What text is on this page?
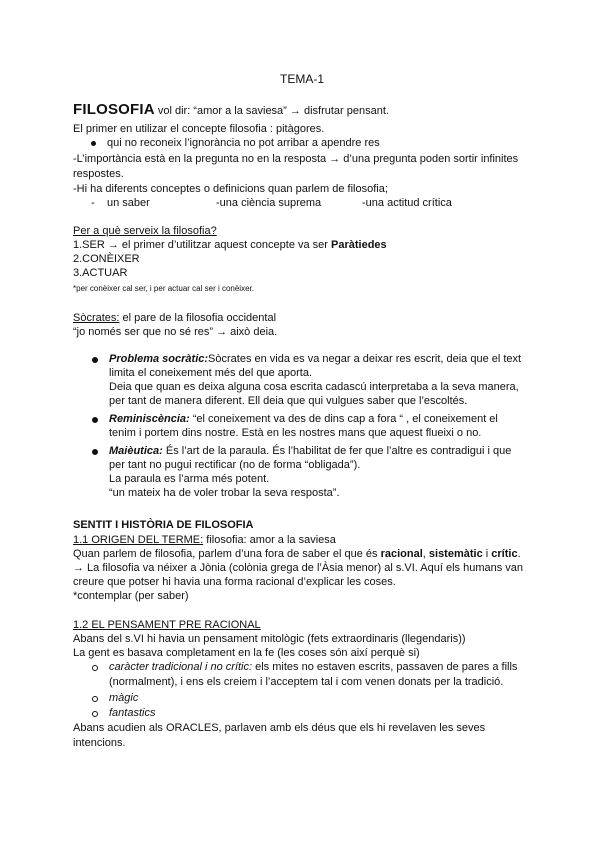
TEMA-1
FILOSOFIA vol dir: “amor a la saviesa” → disfrutar pensant.
El primer en utilizar el concepte filosofia : pitàgores.
qui no reconeix l’ignorància no pot arribar a apendre res
-L’importància està en la pregunta no en la resposta → d’una pregunta poden sortir infinites
respostes.
-Hi ha diferents conceptes o definicions quan parlem de filosofia;
- un saber	-una ciència suprema	-una actitud crítica
Per a què serveix la filosofia?
1.SER → el primer d’utilitzar aquest concepte va ser Paràtiedes
2.CONÈIXER
3.ACTUAR
*per conèixer cal ser, i per actuar cal ser i conèixer.
Sòcrates: el pare de la filosofia occidental
“jo només ser que no sé res” → això deia.
Problema socràtic:Sòcrates en vida es va negar a deixar res escrit, deia que el text
limita el coneixement més del que aporta.
Deia que quan es deixa alguna cosa escrita cadascú interpretaba a la seva manera,
per tant de manera diferent. Ell deia que qui vulgues saber que l’escoltés.
Reminiscència: “el coneixement va des de dins cap a fora “ , el coneixement el
tenim i portem dins nostre. Està en les nostres mans que aquest flueixi o no.
Maièutica: És l’art de la paraula. És l’habilitat de fer que l’altre es contradigui i que
per tant no pugui rectificar (no de forma “obligada”).
La paraula es l’arma més potent.
“un mateix ha de voler trobar la seva resposta”.
SENTIT I HISTÒRIA DE FILOSOFIA
1.1 ORIGEN DEL TERME: filosofia: amor a la saviesa
Quan parlem de filosofia, parlem d’una fora de saber el que és racional, sistemàtic i crític.
→ La filosofia va néixer a Jònia (colònia grega de l’Àsia menor) al s.VI. Aquí els humans van
creure que potser hi havia una forma racional d’explicar les coses.
*contemplar (per saber)
1.2 EL PENSAMENT PRE RACIONAL
Abans del s.VI hi havia un pensament mitològic (fets extraordinaris (llegendaris))
La gent es basava completament en la fe (les coses són així perquè si)
caràcter tradicional i no crític: els mites no estaven escrits, passaven de pares a fills
(normalment), i ens els creiem i l’acceptem tal i com venen donats per la tradició.
màgic
fantastics
Abans acudien als ORACLES, parlaven amb els déus que els hi revelaven les seves
intencions.
